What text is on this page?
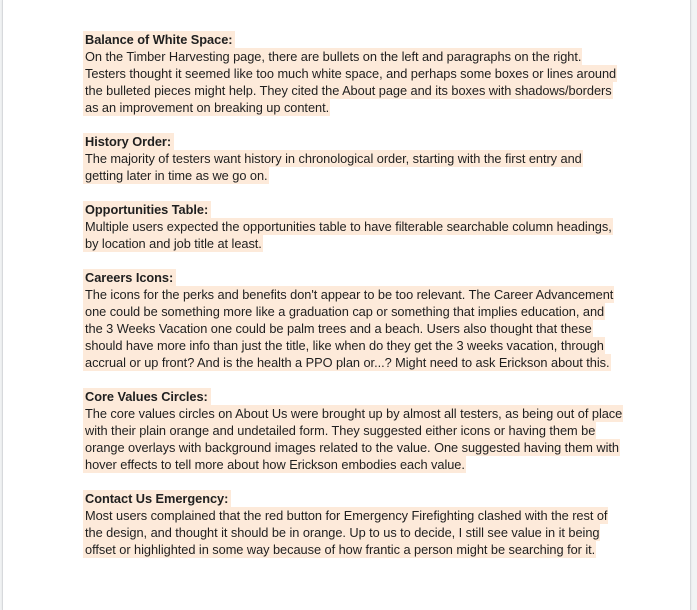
Balance of White Space:
On the Timber Harvesting page, there are bullets on the left and paragraphs on the right. Testers thought it seemed like too much white space, and perhaps some boxes or lines around the bulleted pieces might help. They cited the About page and its boxes with shadows/borders as an improvement on breaking up content.
History Order:
The majority of testers want history in chronological order, starting with the first entry and getting later in time as we go on.
Opportunities Table:
Multiple users expected the opportunities table to have filterable searchable column headings, by location and job title at least.
Careers Icons:
The icons for the perks and benefits don't appear to be too relevant. The Career Advancement one could be something more like a graduation cap or something that implies education, and the 3 Weeks Vacation one could be palm trees and a beach. Users also thought that these should have more info than just the title, like when do they get the 3 weeks vacation, through accrual or up front? And is the health a PPO plan or...? Might need to ask Erickson about this.
Core Values Circles:
The core values circles on About Us were brought up by almost all testers, as being out of place with their plain orange and undetailed form. They suggested either icons or having them be orange overlays with background images related to the value. One suggested having them with hover effects to tell more about how Erickson embodies each value.
Contact Us Emergency:
Most users complained that the red button for Emergency Firefighting clashed with the rest of the design, and thought it should be in orange. Up to us to decide, I still see value in it being offset or highlighted in some way because of how frantic a person might be searching for it.
